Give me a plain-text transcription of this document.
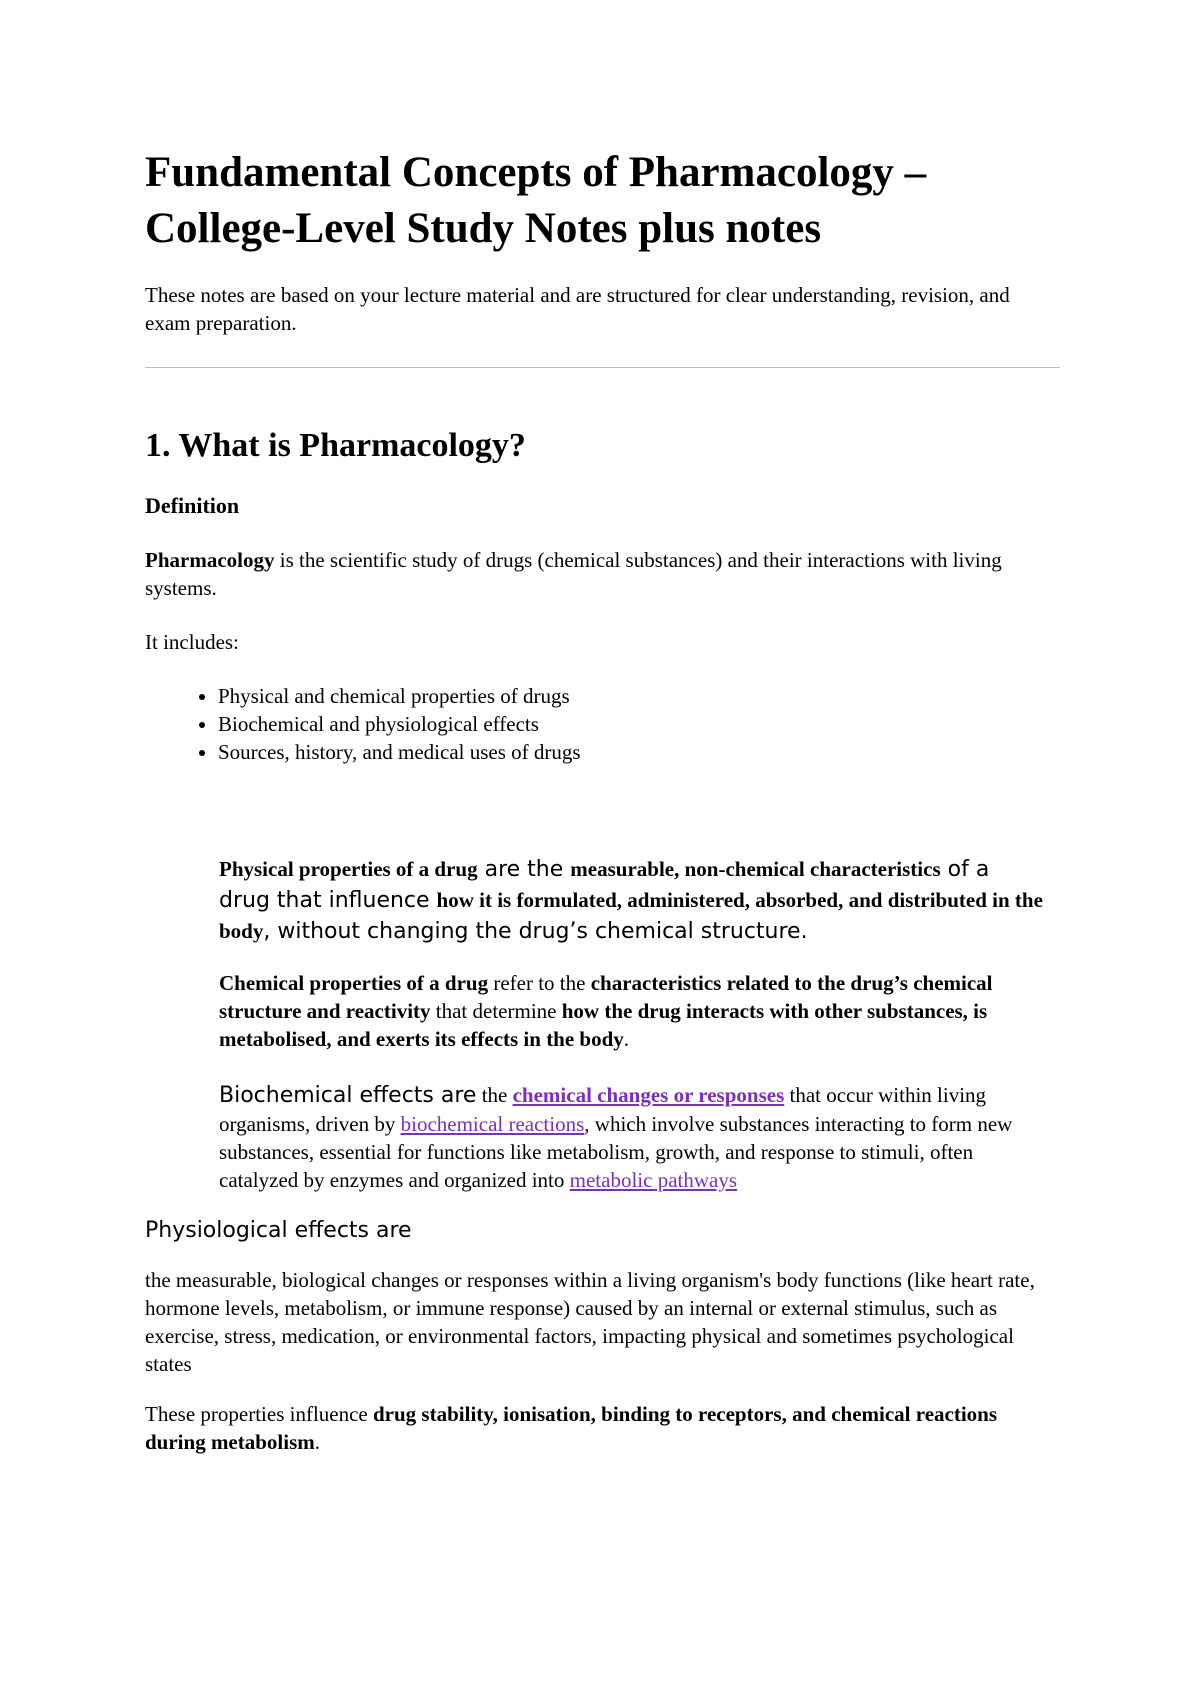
Fundamental Concepts of Pharmacology –
College-Level Study Notes plus notes

These notes are based on your lecture material and are structured for clear understanding, revision, and exam preparation.

1. What is Pharmacology?
Definition

Pharmacology is the scientific study of drugs (chemical substances) and their interactions with living systems.

It includes:

• Physical and chemical properties of drugs
• Biochemical and physiological effects
• Sources, history, and medical uses of drugs
Physical properties of a drug are the measurable, non-chemical characteristics of a drug that influence how it is formulated, administered, absorbed, and distributed in the body, without changing the drug’s chemical structure.
Chemical properties of a drug refer to the characteristics related to the drug’s chemical structure and reactivity that determine how the drug interacts with other substances, is metabolised, and exerts its effects in the body.
Biochemical effects are the chemical changes or responses that occur within living organisms, driven by biochemical reactions, which involve substances interacting to form new substances, essential for functions like metabolism, growth, and response to stimuli, often catalyzed by enzymes and organized into metabolic pathways
Physiological effects are

the measurable, biological changes or responses within a living organism's body functions (like heart rate, hormone levels, metabolism, or immune response) caused by an internal or external stimulus, such as exercise, stress, medication, or environmental factors, impacting physical and sometimes psychological states

These properties influence drug stability, ionisation, binding to receptors, and chemical reactions during metabolism.
